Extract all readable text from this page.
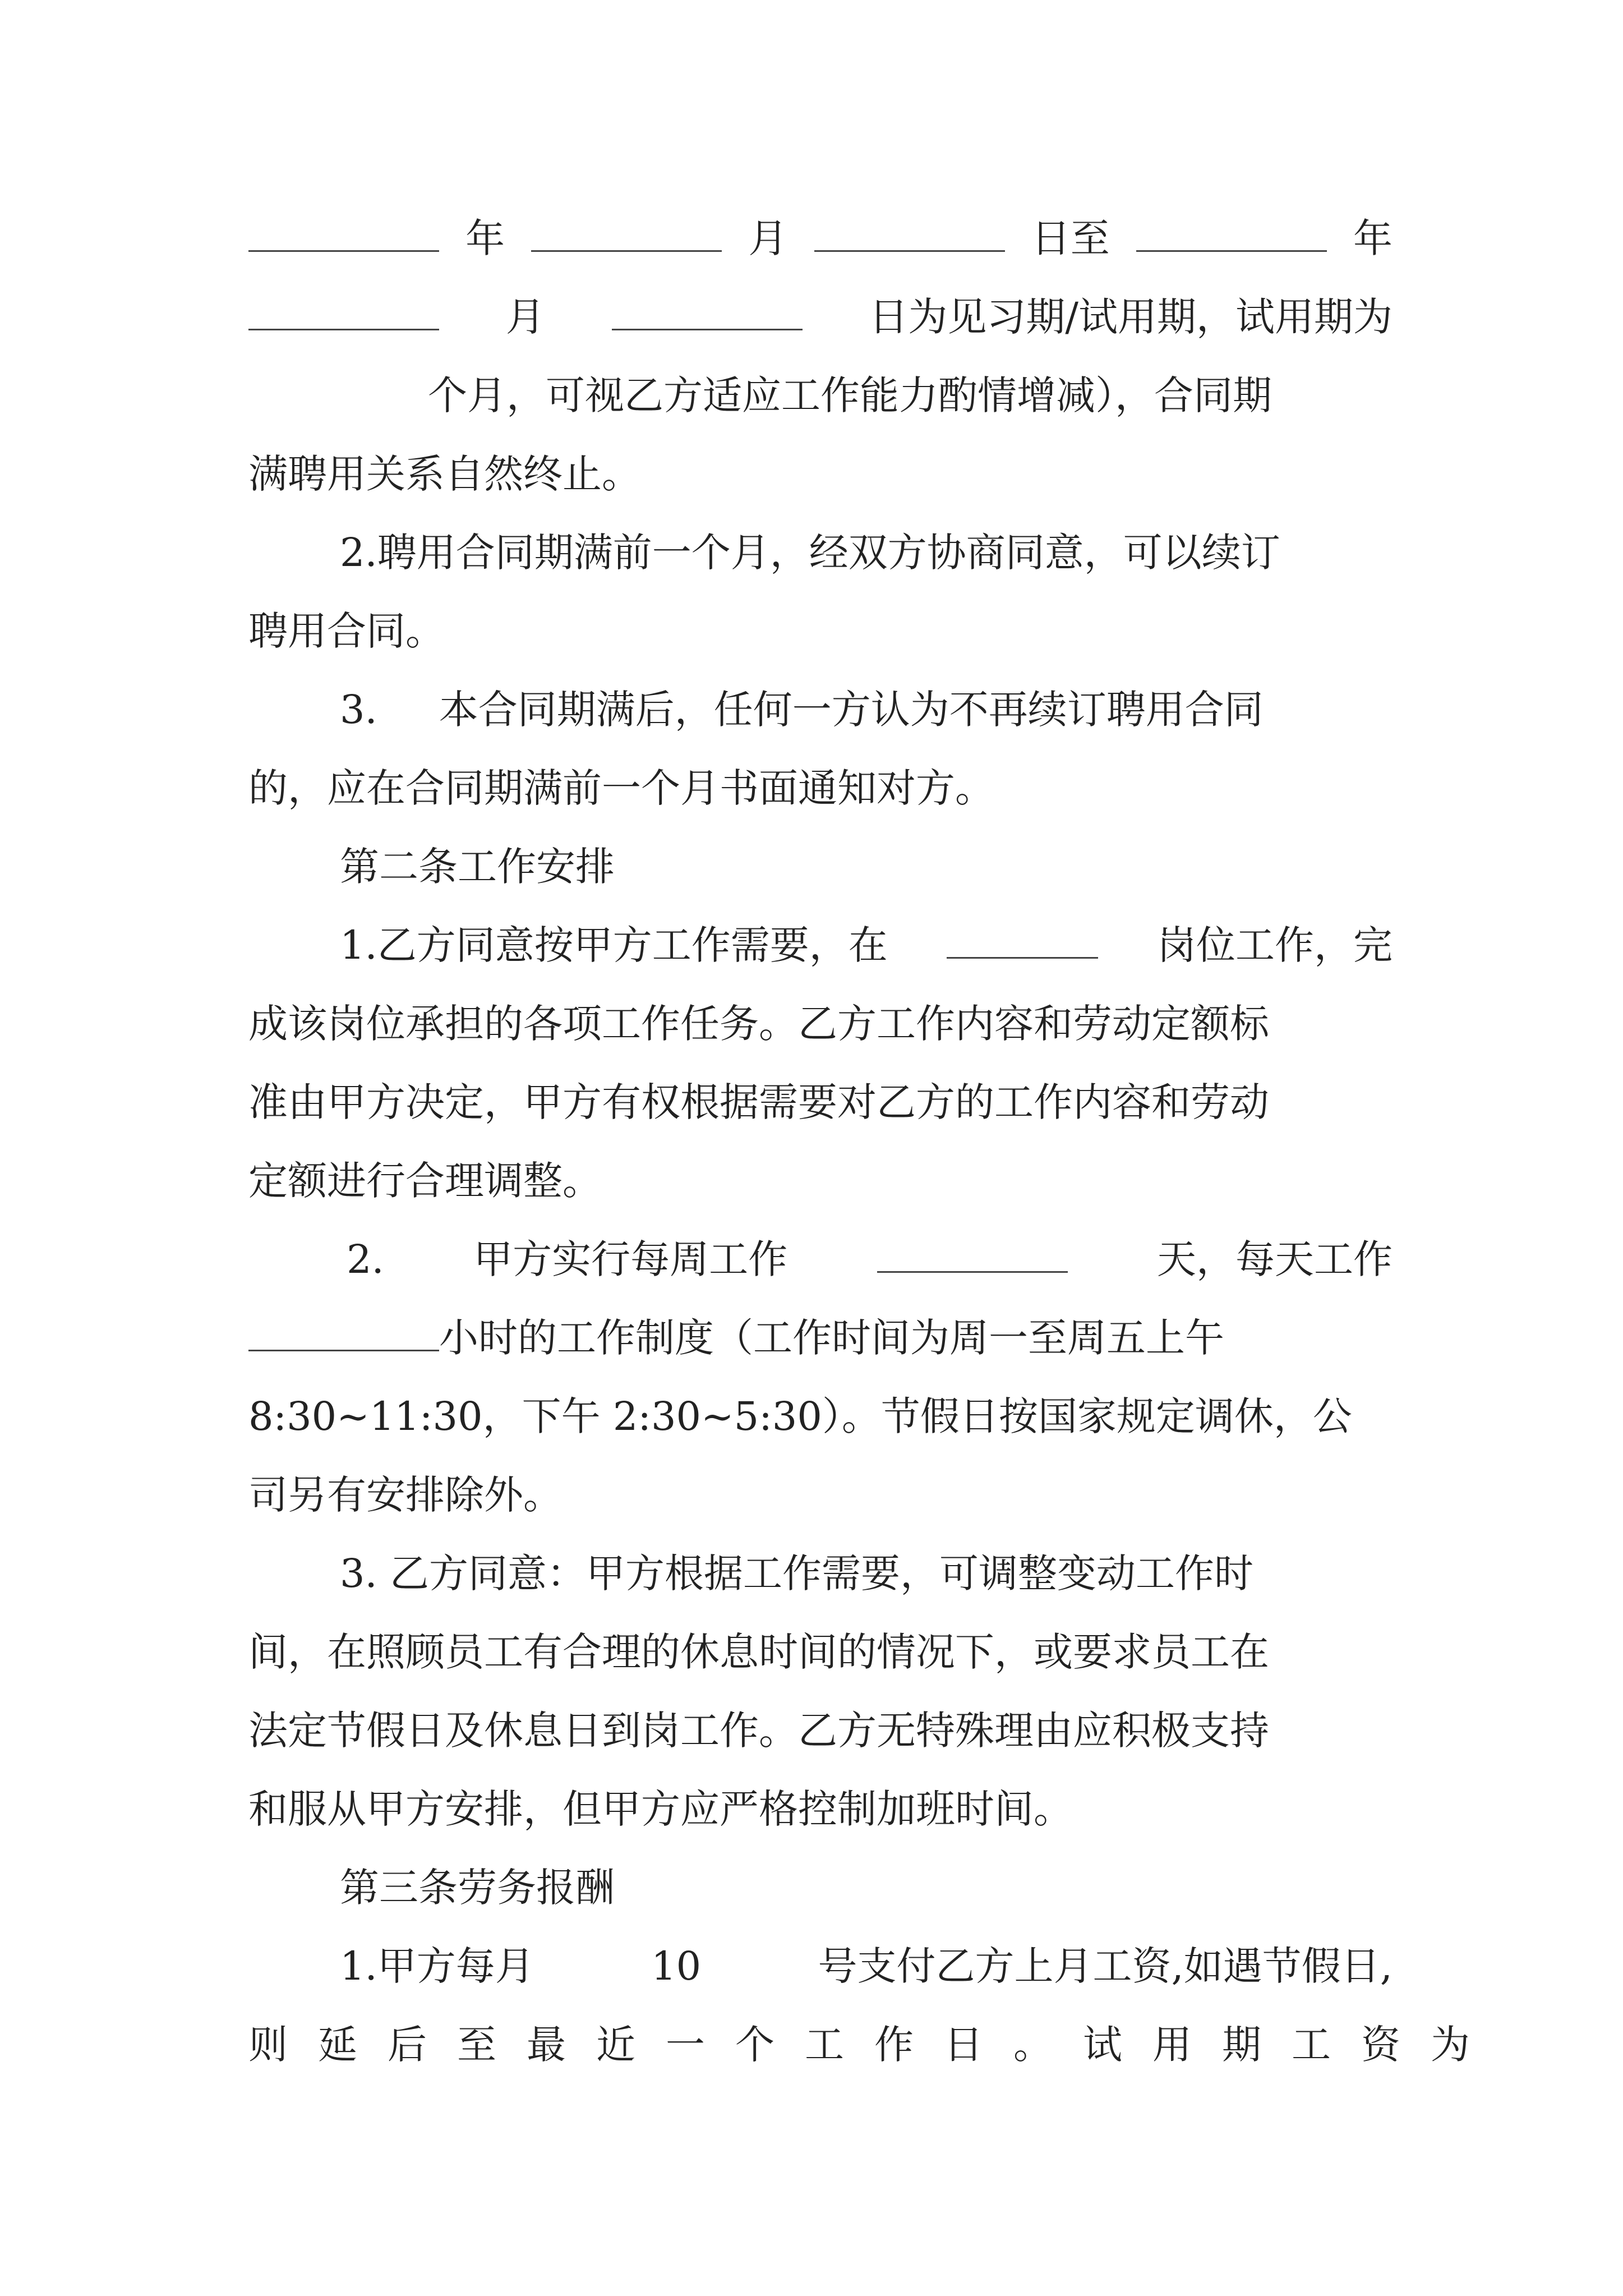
年	月	日至	年
月	日为见习期/试用期，试用期为
个月，可视乙方适应工作能力酌情增减），合同期
满聘用关系自然终止。
2.聘用合同期满前一个月，经双方协商同意，可以续订
聘用合同。
3. 本合同期满后，任何一方认为不再续订聘用合同
的，应在合同期满前一个月书面通知对方。
第二条工作安排
1.乙方同意按甲方工作需要，在	岗位工作，完
成该岗位承担的各项工作任务。乙方工作内容和劳动定额标
准由甲方决定，甲方有权根据需要对乙方的工作内容和劳动
定额进行合理调整。
2. 甲方实行每周工作	天，每天工作
小时的工作制度（工作时间为周一至周五上午
8:30~11:30，下午 2:30~5:30）。节假日按国家规定调休，公
司另有安排除外。
3. 乙方同意：甲方根据工作需要，可调整变动工作时
间，在照顾员工有合理的休息时间的情况下，或要求员工在
法定节假日及休息日到岗工作。乙方无特殊理由应积极支持
和服从甲方安排，但甲方应严格控制加班时间。
第三条劳务报酬
1.甲方每月	10	号支付乙方上月工资,如遇节假日,
则延后至最近一个工作日。试用期工资为
